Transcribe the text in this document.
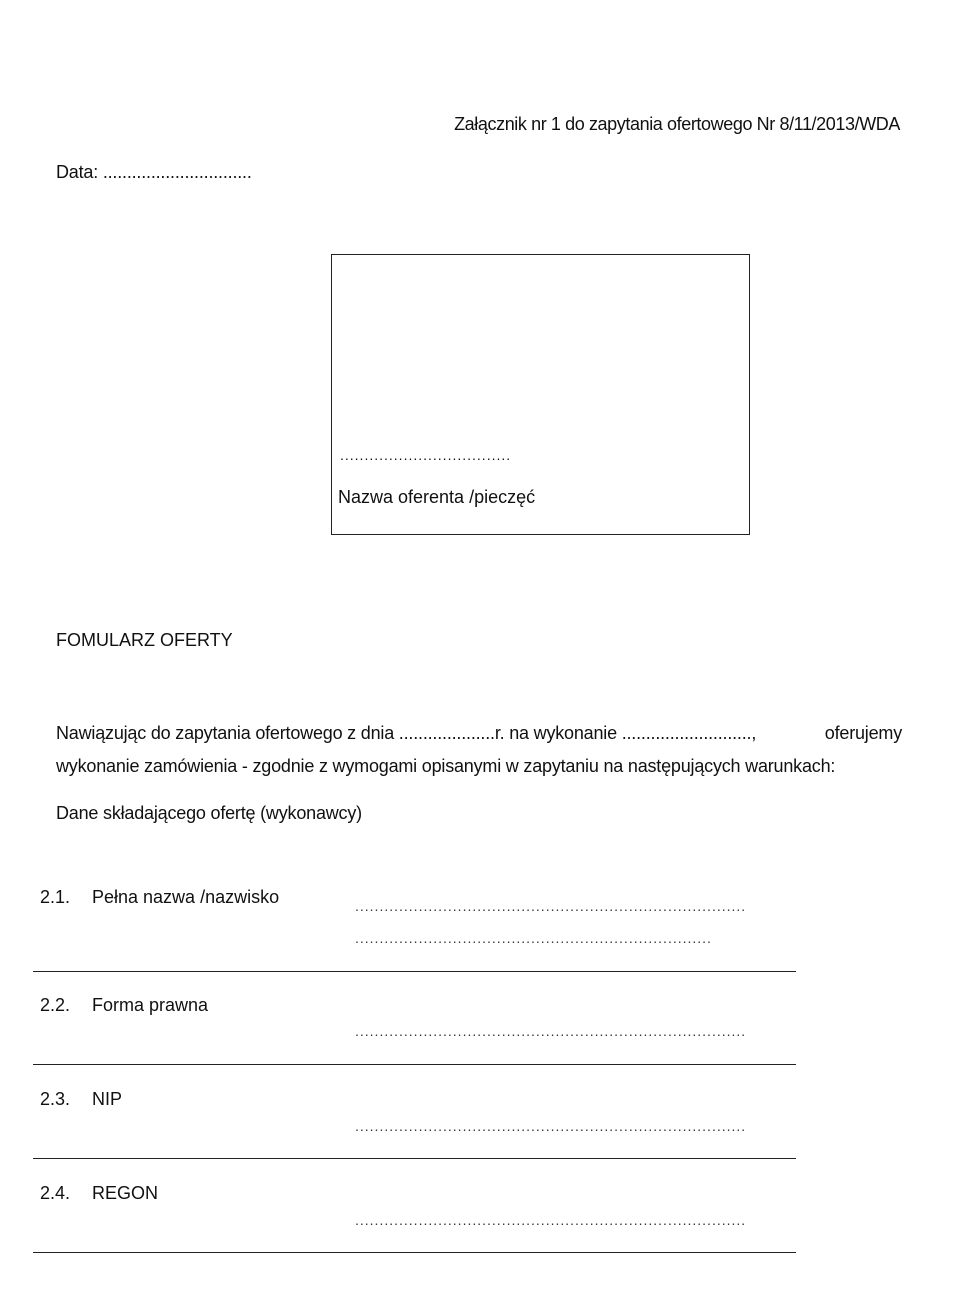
Załącznik nr 1 do zapytania ofertowego Nr 8/11/2013/WDA
Data: ...............................
...................................
Nazwa oferenta /pieczęć
FOMULARZ OFERTY
Nawiązując do zapytania ofertowego z dnia ....................r. na wykonanie ...........................,	oferujemy
wykonanie zamówienia - zgodnie z wymogami opisanymi w zapytaniu na następujących warunkach:
Dane składającego ofertę (wykonawcy)
2.1. Pełna nazwa /nazwisko	................................................................................
.........................................................................
2.2. Forma prawna
................................................................................
2.3. NIP
................................................................................
2.4. REGON
................................................................................
